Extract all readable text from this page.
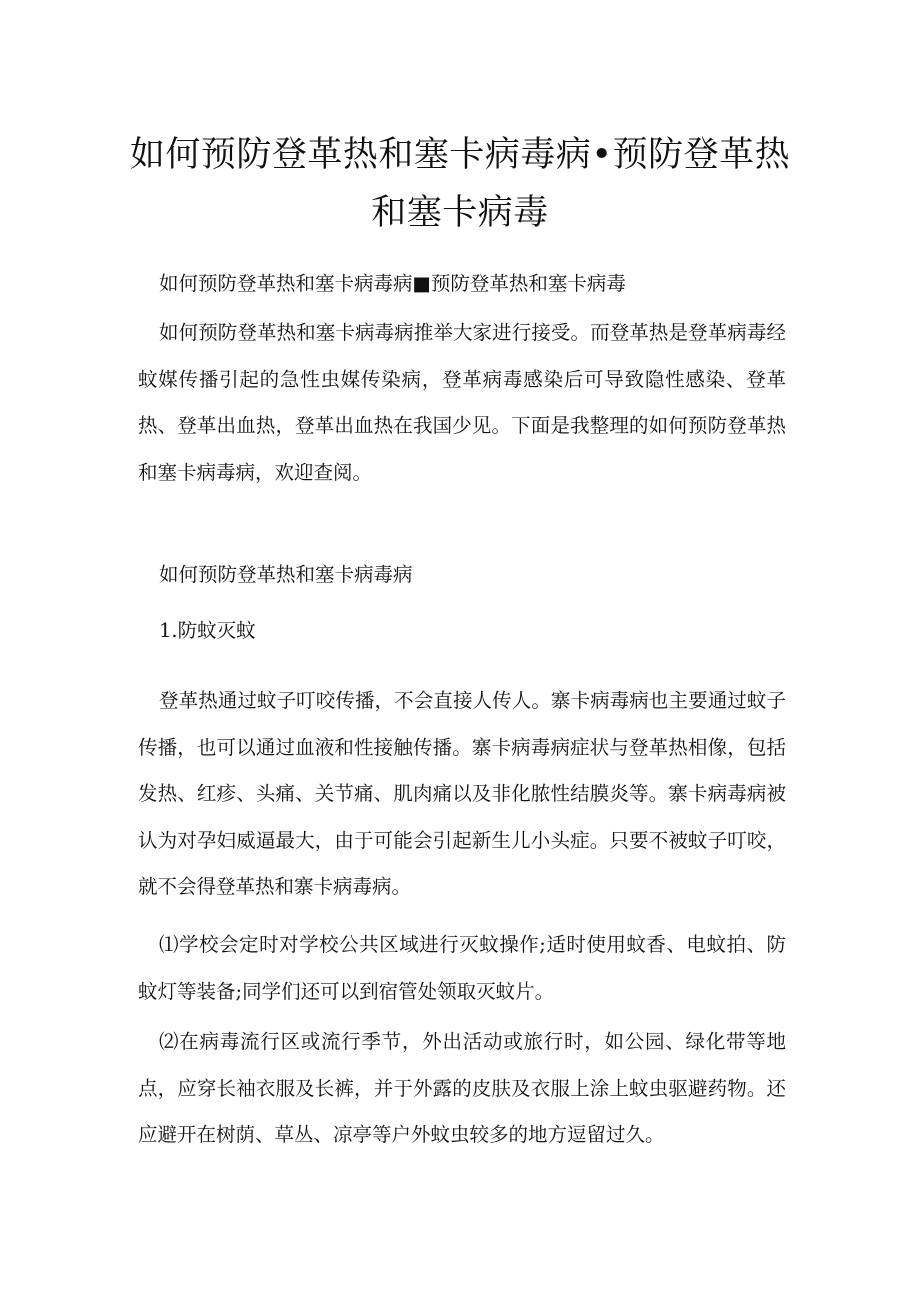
如何预防登革热和塞卡病毒病•预防登革热
和塞卡病毒

如何预防登革热和塞卡病毒病■预防登革热和塞卡病毒

如何预防登革热和塞卡病毒病推举大家进行接受。而登革热是登革病毒经蚊媒传播引起的急性虫媒传染病，登革病毒感染后可导致隐性感染、登革热、登革出血热，登革出血热在我国少见。下面是我整理的如何预防登革热和塞卡病毒病，欢迎查阅。

如何预防登革热和塞卡病毒病

1.防蚊灭蚊

登革热通过蚊子叮咬传播，不会直接人传人。寨卡病毒病也主要通过蚊子传播，也可以通过血液和性接触传播。寨卡病毒病症状与登革热相像，包括发热、红疹、头痛、关节痛、肌肉痛以及非化脓性结膜炎等。寨卡病毒病被认为对孕妇威逼最大，由于可能会引起新生儿小头症。只要不被蚊子叮咬，就不会得登革热和寨卡病毒病。

⑴学校会定时对学校公共区域进行灭蚊操作;适时使用蚊香、电蚊拍、防蚊灯等装备;同学们还可以到宿管处领取灭蚊片。

⑵在病毒流行区或流行季节，外出活动或旅行时，如公园、绿化带等地点，应穿长袖衣服及长裤，并于外露的皮肤及衣服上涂上蚊虫驱避药物。还应避开在树荫、草丛、凉亭等户外蚊虫较多的地方逗留过久。
